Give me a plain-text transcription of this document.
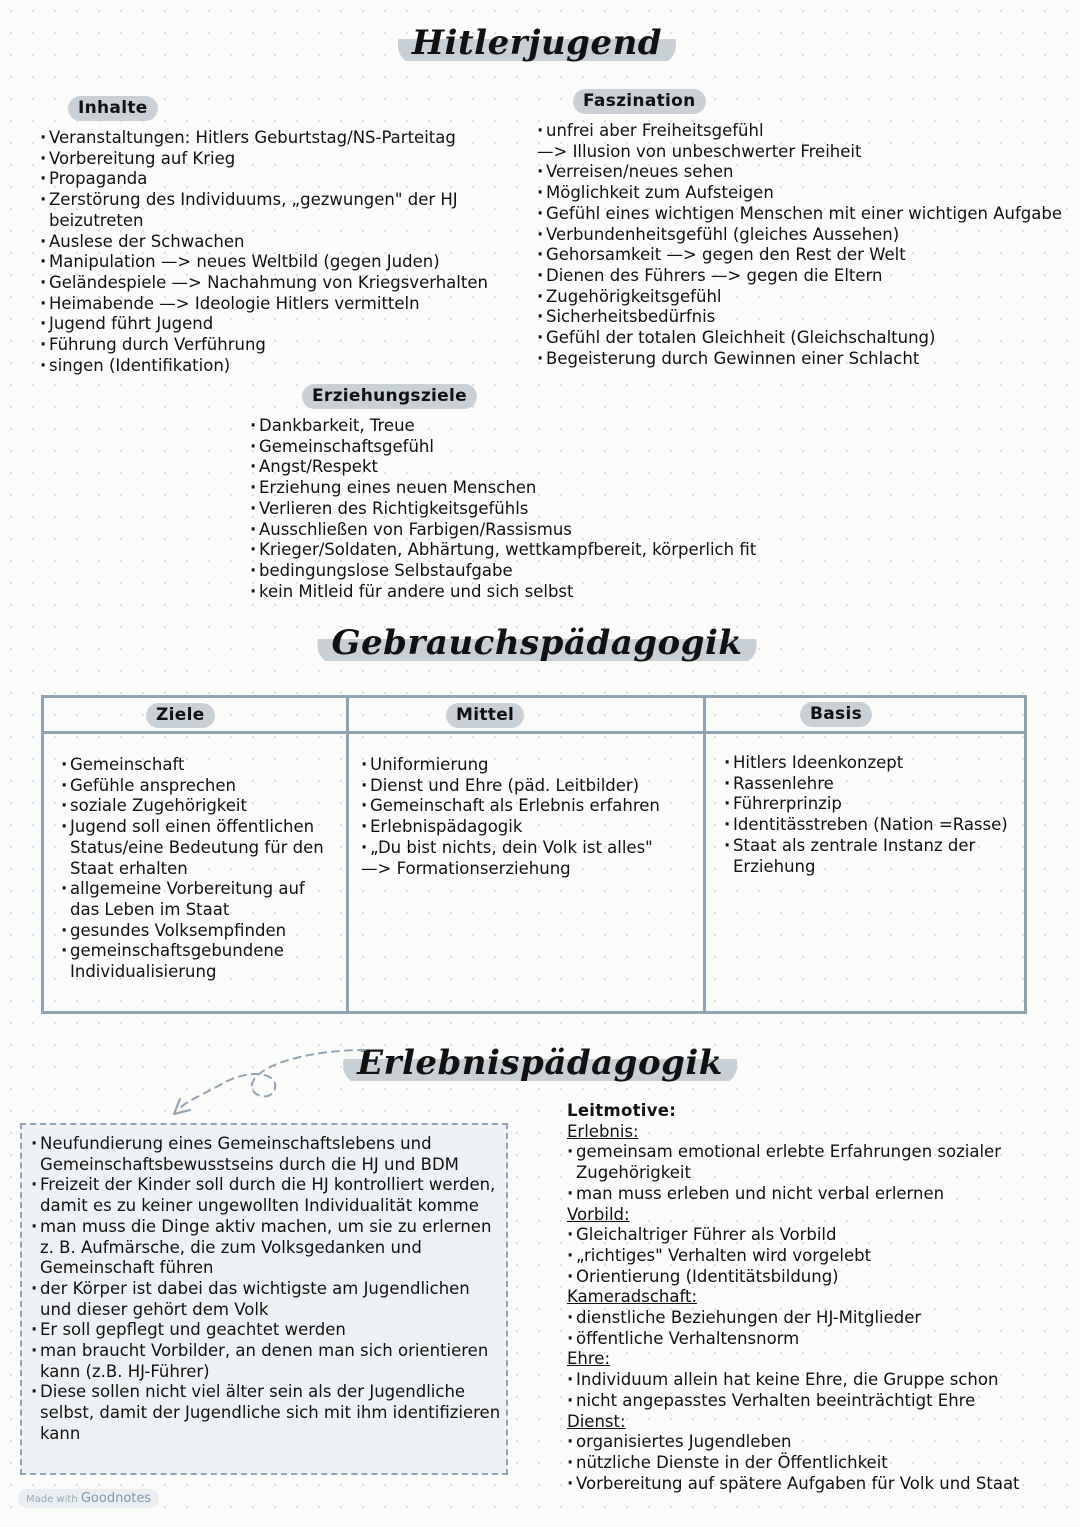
Hitlerjugend
Inhalte
· Veranstaltungen: Hitlers Geburtstag/NS-Parteitag
· Vorbereitung auf Krieg
· Propaganda
· Zerstörung des Individuums, „gezwungen" der HJ beizutreten
· Auslese der Schwachen
· Manipulation —> neues Weltbild (gegen Juden)
· Geländespiele —> Nachahmung von Kriegsverhalten
· Heimabende —> Ideologie Hitlers vermitteln
· Jugend führt Jugend
· Führung durch Verführung
· singen (Identifikation)
Faszination
· unfrei aber Freiheitsgefühl
—> Illusion von unbeschwerter Freiheit
· Verreisen/neues sehen
· Möglichkeit zum Aufsteigen
· Gefühl eines wichtigen Menschen mit einer wichtigen Aufgabe
· Verbundenheitsgefühl (gleiches Aussehen)
· Gehorsamkeit —> gegen den Rest der Welt
· Dienen des Führers —> gegen die Eltern
· Zugehörigkeitsgefühl
· Sicherheitsbedürfnis
· Gefühl der totalen Gleichheit (Gleichschaltung)
· Begeisterung durch Gewinnen einer Schlacht
Erziehungsziele
· Dankbarkeit, Treue
· Gemeinschaftsgefühl
· Angst/Respekt
· Erziehung eines neuen Menschen
· Verlieren des Richtigkeitsgefühls
· Ausschließen von Farbigen/Rassismus
· Krieger/Soldaten, Abhärtung, wettkampfbereit, körperlich fit
· bedingungslose Selbstaufgabe
· kein Mitleid für andere und sich selbst
Gebrauchspädagogik
Ziele	Mittel	Basis
· Gemeinschaft
· Gefühle ansprechen
· soziale Zugehörigkeit
· Jugend soll einen öffentlichen Status/eine Bedeutung für den Staat erhalten
· allgemeine Vorbereitung auf das Leben im Staat
· gesundes Volksempfinden
· gemeinschaftsgebundene Individualisierung
· Uniformierung
· Dienst und Ehre (päd. Leitbilder)
· Gemeinschaft als Erlebnis erfahren
· Erlebnispädagogik
· „Du bist nichts, dein Volk ist alles"
—> Formationserziehung
· Hitlers Ideenkonzept
· Rassenlehre
· Führerprinzip
· Identitässtreben (Nation =Rasse)
· Staat als zentrale Instanz der Erziehung
Erlebnispädagogik
· Neufundierung eines Gemeinschaftslebens und Gemeinschaftsbewusstseins durch die HJ und BDM
· Freizeit der Kinder soll durch die HJ kontrolliert werden, damit es zu keiner ungewollten Individualität komme
· man muss die Dinge aktiv machen, um sie zu erlernen z. B. Aufmärsche, die zum Volksgedanken und Gemeinschaft führen
· der Körper ist dabei das wichtigste am Jugendlichen und dieser gehört dem Volk
· Er soll gepflegt und geachtet werden
· man braucht Vorbilder, an denen man sich orientieren kann (z.B. HJ-Führer)
· Diese sollen nicht viel älter sein als der Jugendliche selbst, damit der Jugendliche sich mit ihm identifizieren kann
Leitmotive:
Erlebnis:
· gemeinsam emotional erlebte Erfahrungen sozialer Zugehörigkeit
· man muss erleben und nicht verbal erlernen
Vorbild:
· Gleichaltriger Führer als Vorbild
· „richtiges" Verhalten wird vorgelebt
· Orientierung (Identitätsbildung)
Kameradschaft:
· dienstliche Beziehungen der HJ-Mitglieder
· öffentliche Verhaltensnorm
Ehre:
· Individuum allein hat keine Ehre, die Gruppe schon
· nicht angepasstes Verhalten beeinträchtigt Ehre
Dienst:
· organisiertes Jugendleben
· nützliche Dienste in der Öffentlichkeit
· Vorbereitung auf spätere Aufgaben für Volk und Staat
Made with Goodnotes
